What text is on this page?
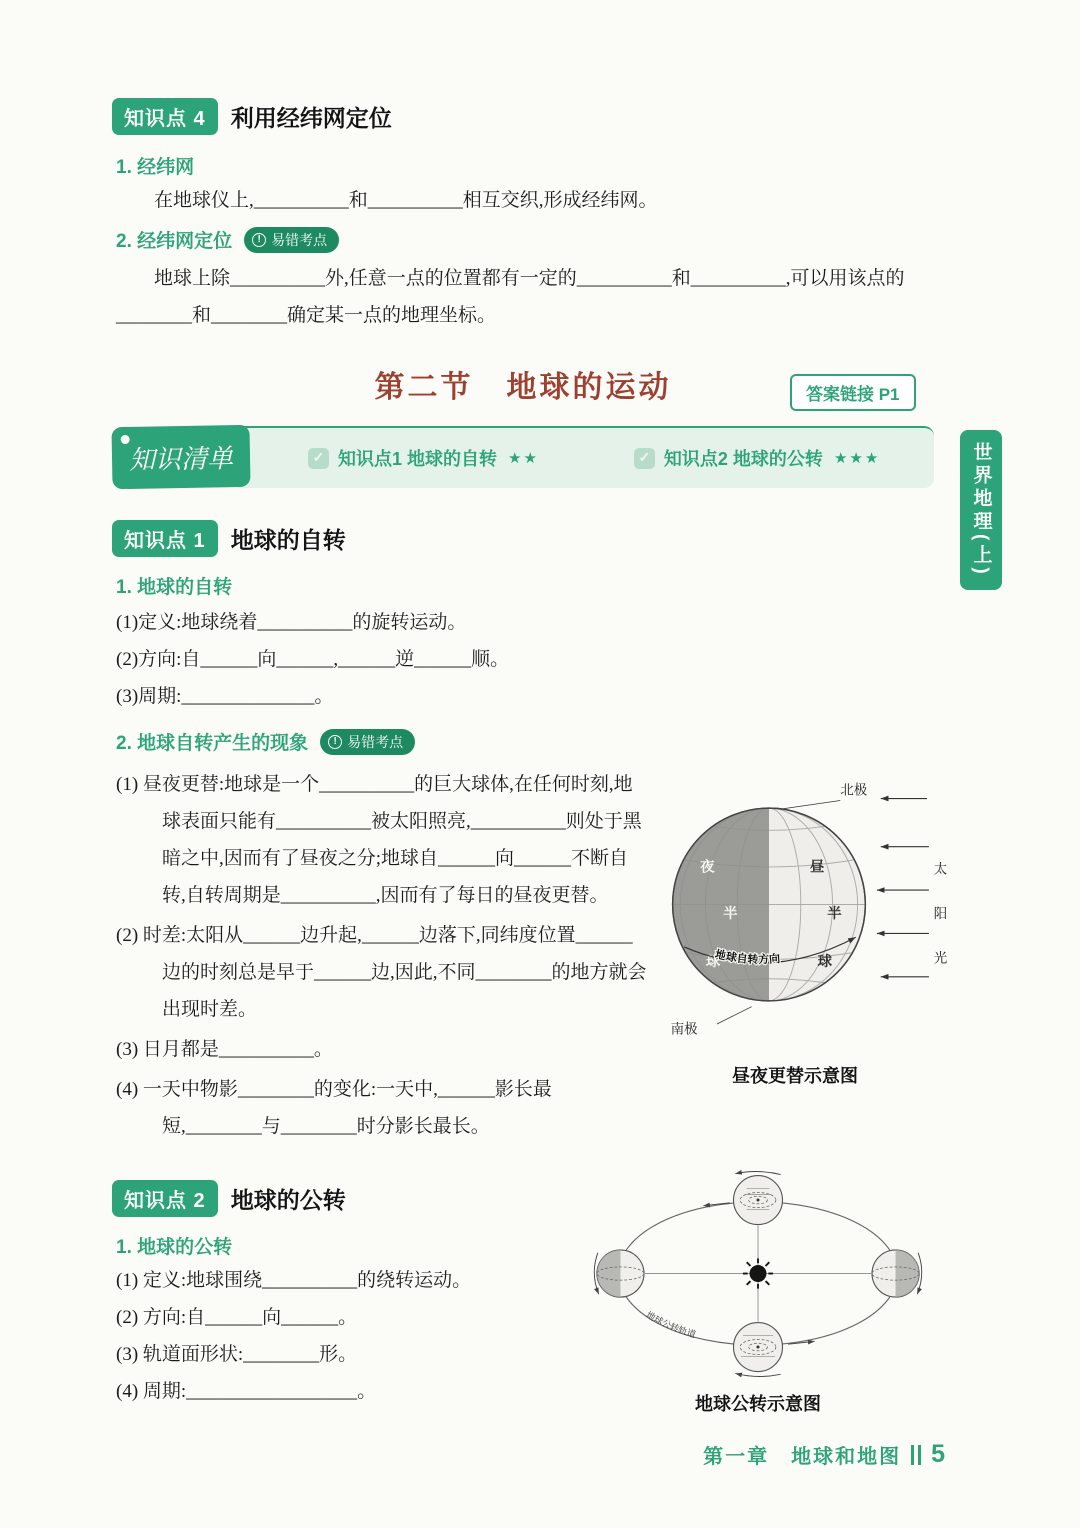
知识点 4	利用经纬网定位
1. 经纬网
在地球仪上,__________和__________相互交织,形成经纬网。
2. 经纬网定位	! 易错考点
地球上除__________外,任意一点的位置都有一定的__________和__________,可以用该点的________和________确定某一点的地理坐标。
第二节　地球的运动	答案链接 P1
知识清单	✓ 知识点1 地球的自转 ★★	✓ 知识点2 地球的公转 ★★★
知识点 1	地球的自转
1. 地球的自转
(1)定义:地球绕着__________的旋转运动。
(2)方向:自______向______,______逆______顺。
(3)周期:______________。
2. 地球自转产生的现象	! 易错考点
(1) 昼夜更替:地球是一个__________的巨大球体,在任何时刻,地球表面只能有__________被太阳照亮,__________则处于黑暗之中,因而有了昼夜之分;地球自______向______不断自转,自转周期是__________,因而有了每日的昼夜更替。
(2) 时差:太阳从______边升起,______边落下,同纬度位置______边的时刻总是早于______边,因此,不同________的地方就会出现时差。
(3) 日月都是__________。
(4) 一天中物影________的变化:一天中,______影长最短,________与________时分影长最长。
夜
半
球
昼
半
球
北极
南极
太
阳
光
地球自转方向
昼夜更替示意图
知识点 2	地球的公转
1. 地球的公转
(1) 定义:地球围绕__________的绕转运动。
(2) 方向:自______向______。
(3) 轨道面形状:________形。
(4) 周期:__________________。
地球公转轨道
地球公转示意图
第一章　地球和地图 5
世界地理(上)
